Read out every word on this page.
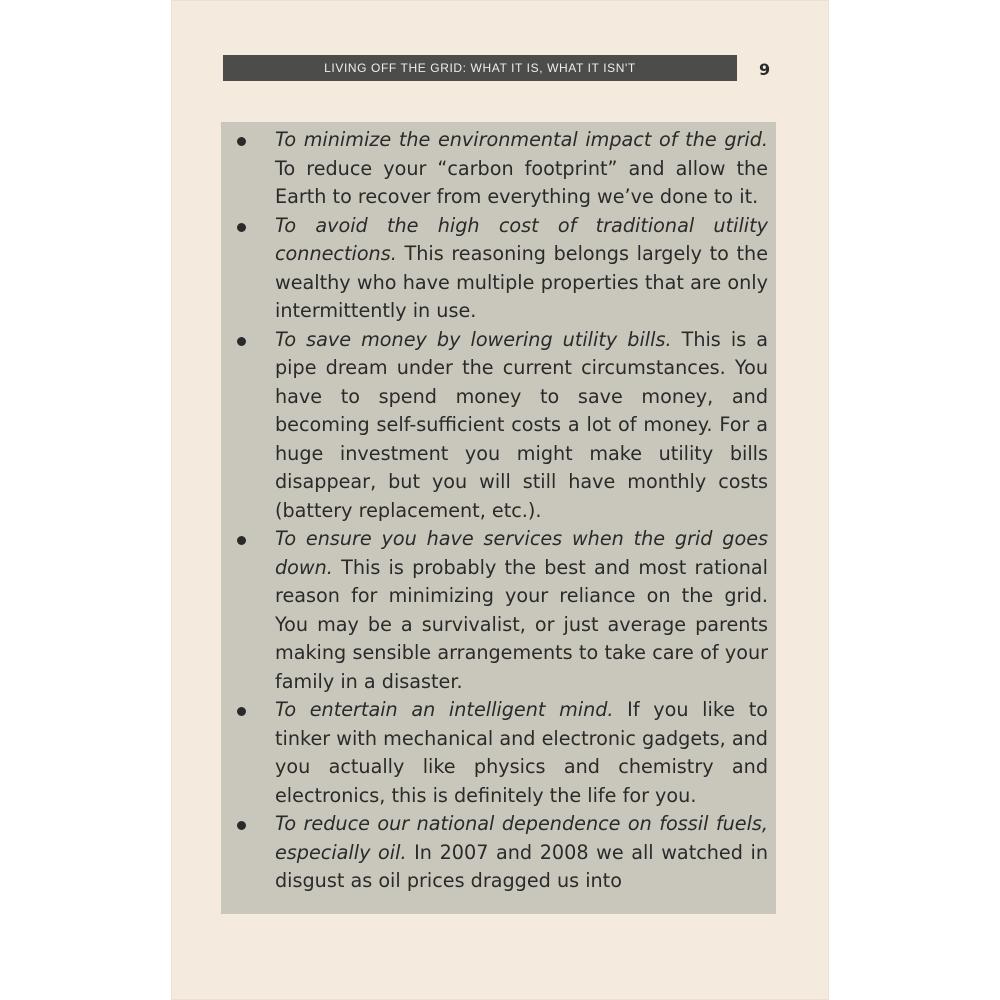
LIVING OFF THE GRID: WHAT IT IS, WHAT IT ISN'T	9
To minimize the environmental impact of the grid. To reduce your “carbon footprint” and allow the Earth to recover from everything we’ve done to it.
To avoid the high cost of traditional utility connections. This reasoning belongs largely to the wealthy who have multiple properties that are only intermittently in use.
To save money by lowering utility bills. This is a pipe dream under the current circumstances. You have to spend money to save money, and becoming self-sufficient costs a lot of money. For a huge investment you might make utility bills disappear, but you will still have monthly costs (battery replacement, etc.).
To ensure you have services when the grid goes down. This is probably the best and most rational reason for minimizing your reliance on the grid. You may be a survivalist, or just average parents making sensible arrangements to take care of your family in a disaster.
To entertain an intelligent mind. If you like to tinker with mechanical and electronic gadgets, and you actually like physics and chemistry and electronics, this is definitely the life for you.
To reduce our national dependence on fossil fuels, especially oil. In 2007 and 2008 we all watched in disgust as oil prices dragged us into
